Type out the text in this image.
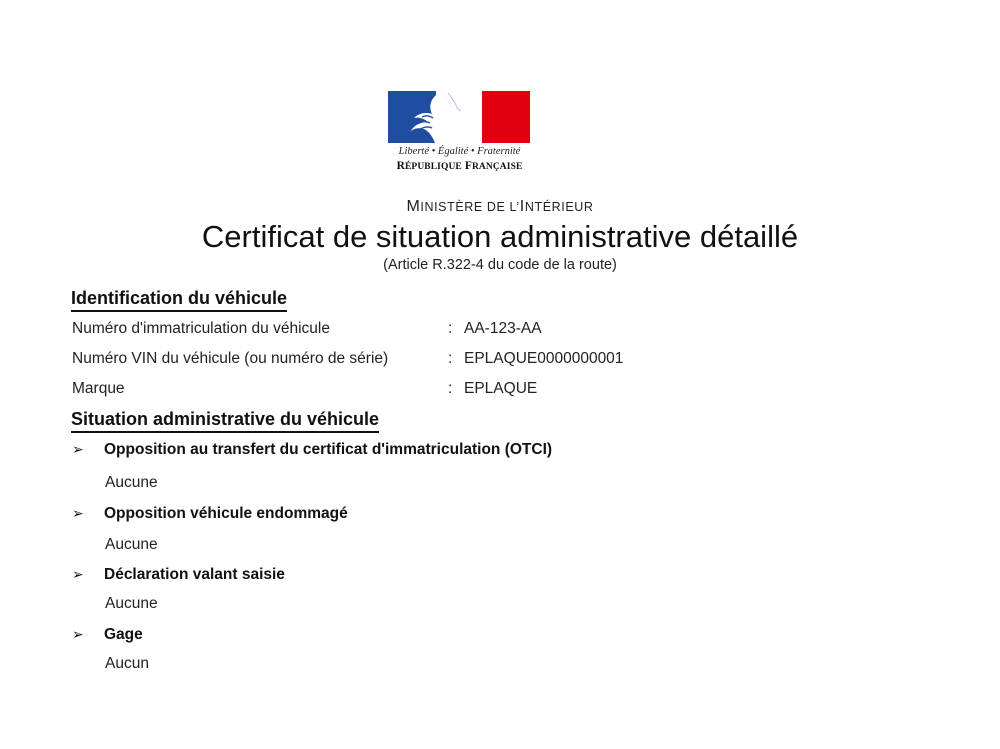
Liberté • Égalité • Fraternité
RÉPUBLIQUE FRANÇAISE
MINISTÈRE DE L’INTÉRIEUR
Certificat de situation administrative détaillé
(Article R.322-4 du code de la route)
Identification du véhicule
Numéro d'immatriculation du véhicule	: AA-123-AA
Numéro VIN du véhicule (ou numéro de série)	: EPLAQUE0000000001
Marque	: EPLAQUE
Situation administrative du véhicule
➢ Opposition au transfert du certificat d'immatriculation (OTCI)
Aucune
➢ Opposition véhicule endommagé
Aucune
➢ Déclaration valant saisie
Aucune
➢ Gage
Aucun
